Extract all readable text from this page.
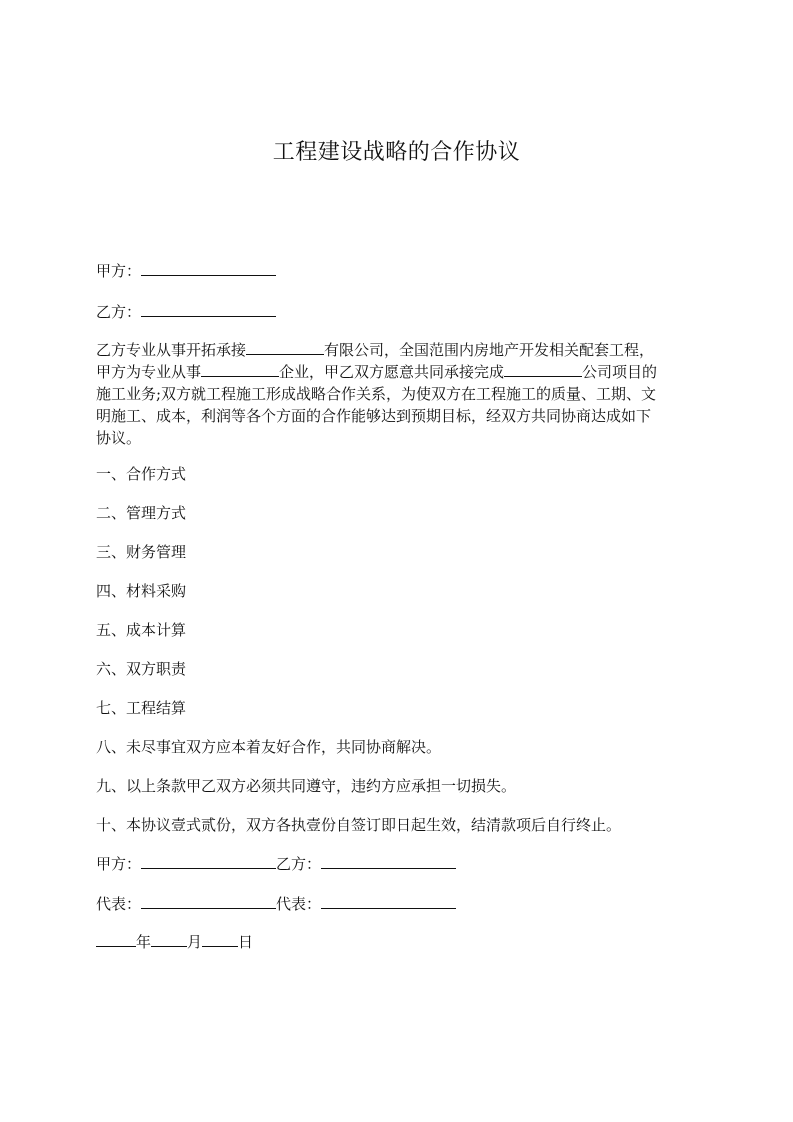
工程建设战略的合作协议
甲方：
乙方：
乙方专业从事开拓承接	有限公司，全国范围内房地产开发相关配套工程，
甲方为专业从事	企业，甲乙双方愿意共同承接完成	公司项目的
施工业务;双方就工程施工形成战略合作关系，为使双方在工程施工的质量、工期、文
明施工、成本，利润等各个方面的合作能够达到预期目标，经双方共同协商达成如下
协议。
一、合作方式
二、管理方式
三、财务管理
四、材料采购
五、成本计算
六、双方职责
七、工程结算
八、未尽事宜双方应本着友好合作，共同协商解决。
九、以上条款甲乙双方必须共同遵守，违约方应承担一切损失。
十、本协议壹式贰份，双方各执壹份自签订即日起生效，结清款项后自行终止。
甲方：	乙方：
代表：	代表：
年 月 日
